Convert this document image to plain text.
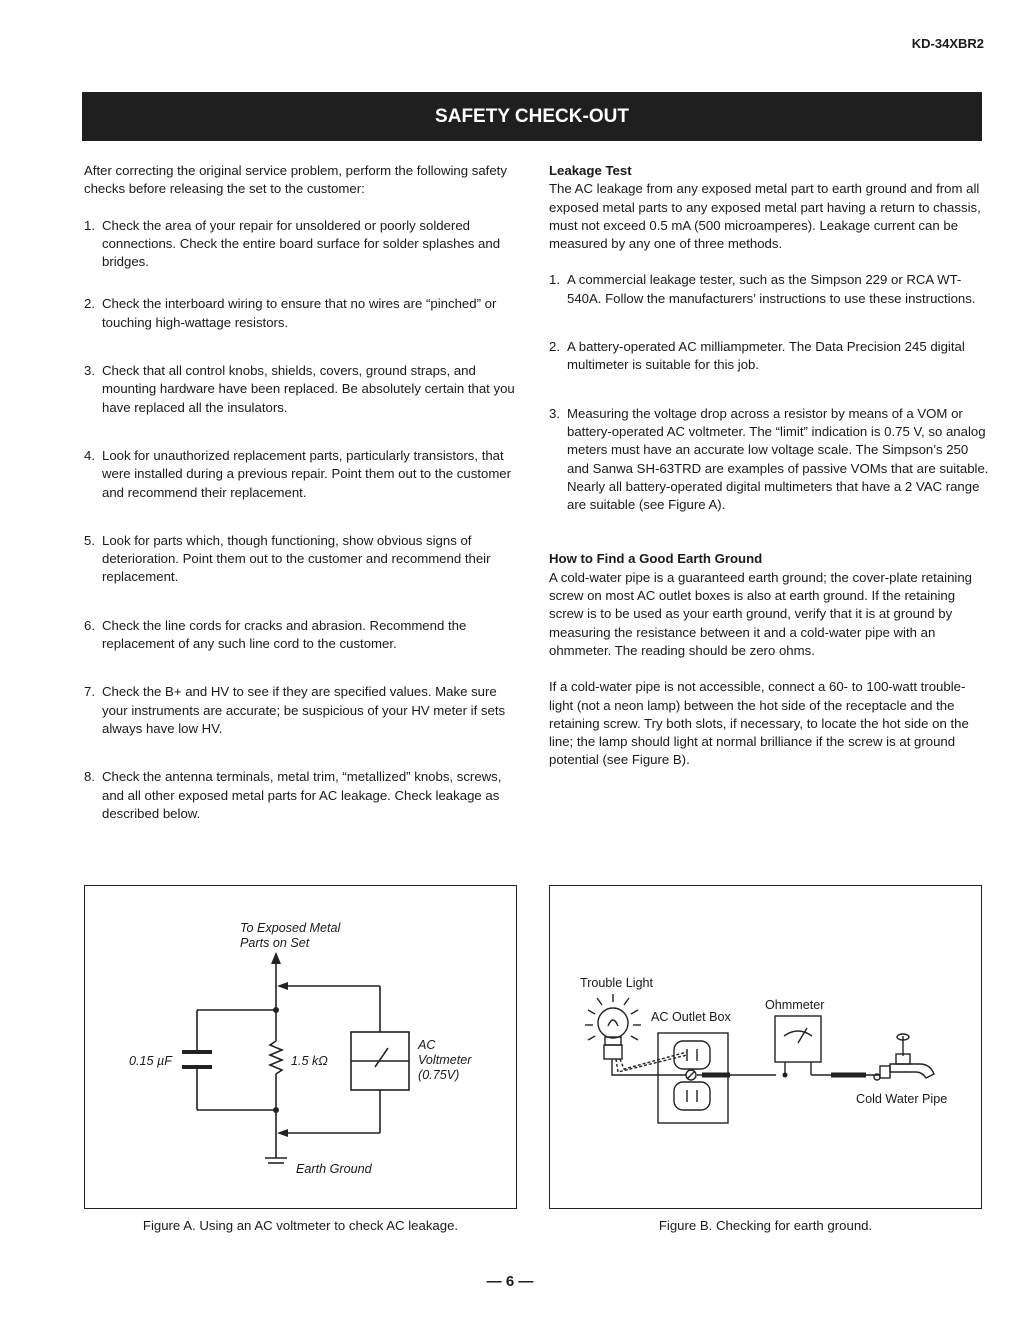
KD-34XBR2
SAFETY CHECK-OUT

After correcting the original service problem, perform the following safety checks before releasing the set to the customer:

1. Check the area of your repair for unsoldered or poorly soldered connections. Check the entire board surface for solder splashes and bridges.
2. Check the interboard wiring to ensure that no wires are “pinched” or touching high-wattage resistors.
3. Check that all control knobs, shields, covers, ground straps, and mounting hardware have been replaced. Be absolutely certain that you have replaced all the insulators.
4. Look for unauthorized replacement parts, particularly transistors, that were installed during a previous repair. Point them out to the customer and recommend their replacement.
5. Look for parts which, though functioning, show obvious signs of deterioration. Point them out to the customer and recommend their replacement.
6. Check the line cords for cracks and abrasion. Recommend the replacement of any such line cord to the customer.
7. Check the B+ and HV to see if they are specified values. Make sure your instruments are accurate; be suspicious of your HV meter if sets always have low HV.
8. Check the antenna terminals, metal trim, “metallized” knobs, screws, and all other exposed metal parts for AC leakage. Check leakage as described below.

Leakage Test

The AC leakage from any exposed metal part to earth ground and from all exposed metal parts to any exposed metal part having a return to chassis, must not exceed 0.5 mA (500 microamperes). Leakage current can be measured by any one of three methods.

1. A commercial leakage tester, such as the Simpson 229 or RCA WT-540A. Follow the manufacturers’ instructions to use these instructions.
2. A battery-operated AC milliampmeter. The Data Precision 245 digital multimeter is suitable for this job.
3. Measuring the voltage drop across a resistor by means of a VOM or battery-operated AC voltmeter. The “limit” indication is 0.75 V, so analog meters must have an accurate low voltage scale. The Simpson’s 250 and Sanwa SH-63TRD are examples of passive VOMs that are suitable. Nearly all battery-operated digital multimeters that have a 2 VAC range are suitable (see Figure A).

How to Find a Good Earth Ground

A cold-water pipe is a guaranteed earth ground; the cover-plate retaining screw on most AC outlet boxes is also at earth ground. If the retaining screw is to be used as your earth ground, verify that it is at ground by measuring the resistance between it and a cold-water pipe with an ohmmeter. The reading should be zero ohms.

If a cold-water pipe is not accessible, connect a 60- to 100-watt trouble-light (not a neon lamp) between the hot side of the receptacle and the retaining screw. Try both slots, if necessary, to locate the hot side on the line; the lamp should light at normal brilliance if the screw is at ground potential (see Figure B).

To Exposed Metal Parts on Set
0.15 µF	1.5 kΩ
AC Voltmeter (0.75V)
Earth Ground
Trouble Light
AC Outlet Box
Ohmmeter
Cold Water Pipe
Figure A. Using an AC voltmeter to check AC leakage.	Figure B. Checking for earth ground.
— 6 —
